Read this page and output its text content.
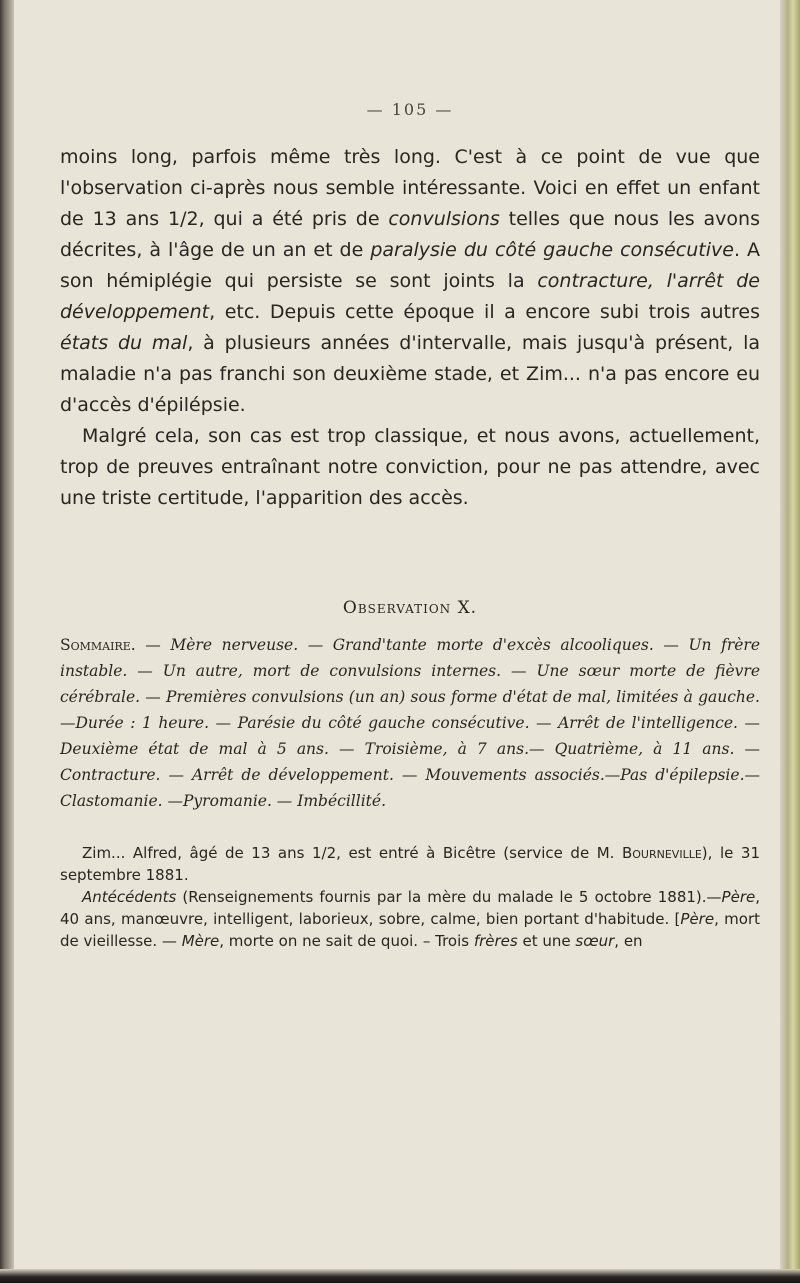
— 105 —

moins long, parfois même très long. C'est à ce point de vue que l'observation ci-après nous semble intéressante. Voici en effet un enfant de 13 ans 1/2, qui a été pris de convulsions telles que nous les avons décrites, à l'âge de un an et de paralysie du côté gauche consécutive. A son hémiplégie qui persiste se sont joints la contracture, l'arrêt de développement, etc. Depuis cette époque il a encore subi trois autres états du mal, à plusieurs années d'intervalle, mais jusqu'à présent, la maladie n'a pas franchi son deuxième stade, et Zim... n'a pas encore eu d'accès d'épilépsie.

Malgré cela, son cas est trop classique, et nous avons, actuellement, trop de preuves entraînant notre conviction, pour ne pas attendre, avec une triste certitude, l'apparition des accès.

Observation X.
Sommaire. — Mère nerveuse. — Grand'tante morte d'excès alcooliques. — Un frère instable. — Un autre, mort de convulsions internes. — Une sœur morte de fièvre cérébrale. — Premières convulsions (un an) sous forme d'état de mal, limitées à gauche.—Durée : 1 heure. — Parésie du côté gauche consécutive. — Arrêt de l'intelligence. — Deuxième état de mal à 5 ans. — Troisième, à 7 ans.— Quatrième, à 11 ans. — Contracture. — Arrêt de développement. — Mouvements associés.—Pas d'épilepsie.—Clastomanie. —Pyromanie. — Imbécillité.

Zim... Alfred, âgé de 13 ans 1/2, est entré à Bicêtre (service de M. Bourneville), le 31 septembre 1881.

Antécédents (Renseignements fournis par la mère du malade le 5 octobre 1881).—Père, 40 ans, manœuvre, intelligent, laborieux, sobre, calme, bien portant d'habitude. [Père, mort de vieillesse. — Mère, morte on ne sait de quoi. – Trois frères et une sœur, en
